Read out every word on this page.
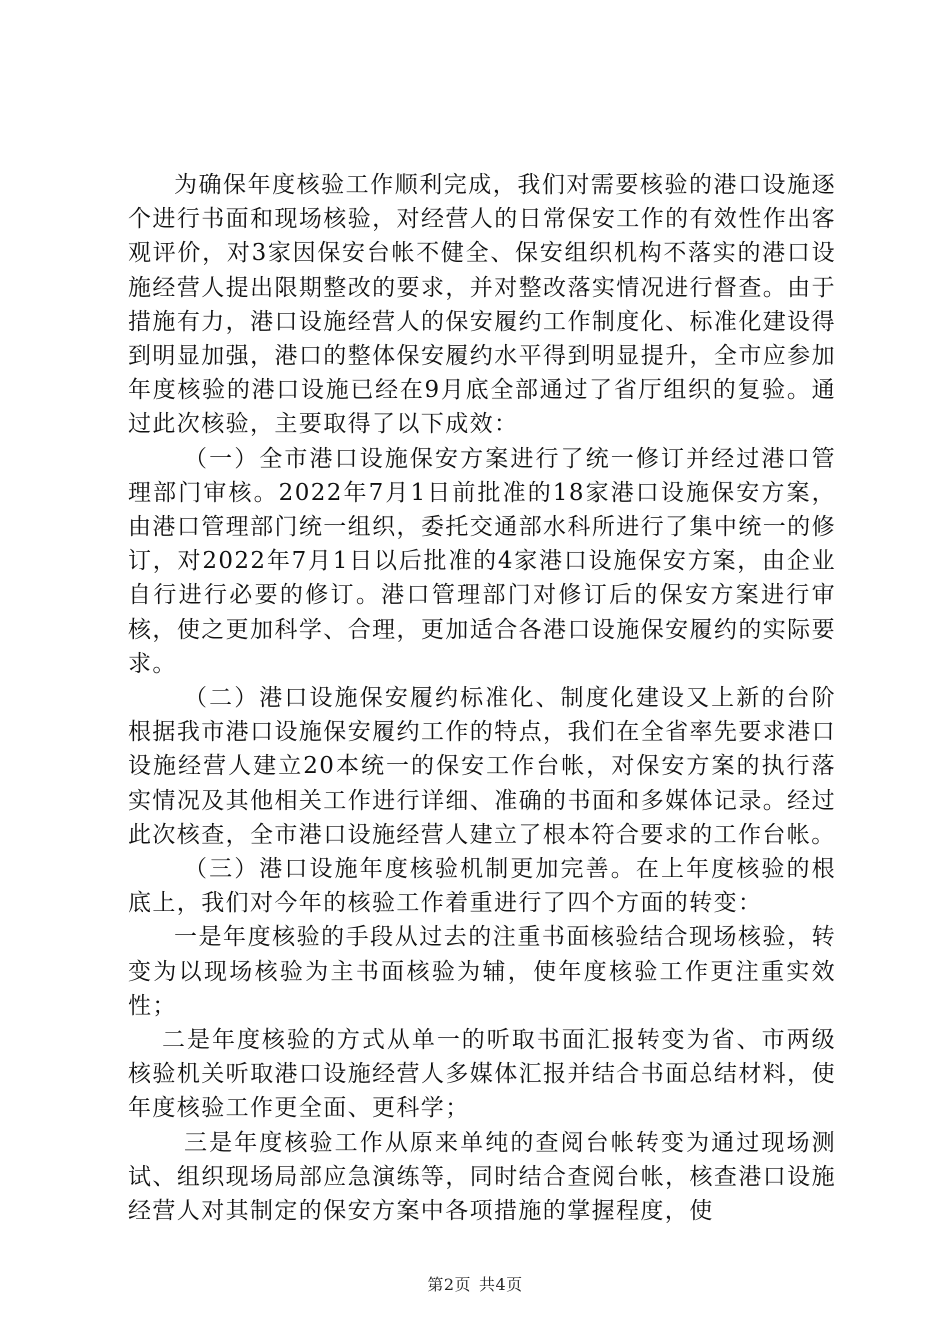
为确保年度核验工作顺利完成，我们对需要核验的港口设施逐个进行书面和现场核验，对经营人的日常保安工作的有效性作出客观评价，对3家因保安台帐不健全、保安组织机构不落实的港口设施经营人提出限期整改的要求，并对整改落实情况进行督查。由于措施有力，港口设施经营人的保安履约工作制度化、标准化建设得到明显加强，港口的整体保安履约水平得到明显提升，全市应参加年度核验的港口设施已经在9月底全部通过了省厅组织的复验。通过此次核验，主要取得了以下成效：

（一）全市港口设施保安方案进行了统一修订并经过港口管理部门审核。2022年7月1日前批准的18家港口设施保安方案，由港口管理部门统一组织，委托交通部水科所进行了集中统一的修订，对2022年7月1日以后批准的4家港口设施保安方案，由企业自行进行必要的修订。港口管理部门对修订后的保安方案进行审核，使之更加科学、合理，更加适合各港口设施保安履约的实际要求。

（二）港口设施保安履约标准化、制度化建设又上新的台阶根据我市港口设施保安履约工作的特点，我们在全省率先要求港口设施经营人建立20本统一的保安工作台帐，对保安方案的执行落实情况及其他相关工作进行详细、准确的书面和多媒体记录。经过此次核查，全市港口设施经营人建立了根本符合要求的工作台帐。

（三）港口设施年度核验机制更加完善。在上年度核验的根底上，我们对今年的核验工作着重进行了四个方面的转变：

一是年度核验的手段从过去的注重书面核验结合现场核验，转变为以现场核验为主书面核验为辅，使年度核验工作更注重实效性；

二是年度核验的方式从单一的听取书面汇报转变为省、市两级核验机关听取港口设施经营人多媒体汇报并结合书面总结材料，使年度核验工作更全面、更科学；

三是年度核验工作从原来单纯的查阅台帐转变为通过现场测试、组织现场局部应急演练等，同时结合查阅台帐，核查港口设施经营人对其制定的保安方案中各项措施的掌握程度，使

第2页 共4页
